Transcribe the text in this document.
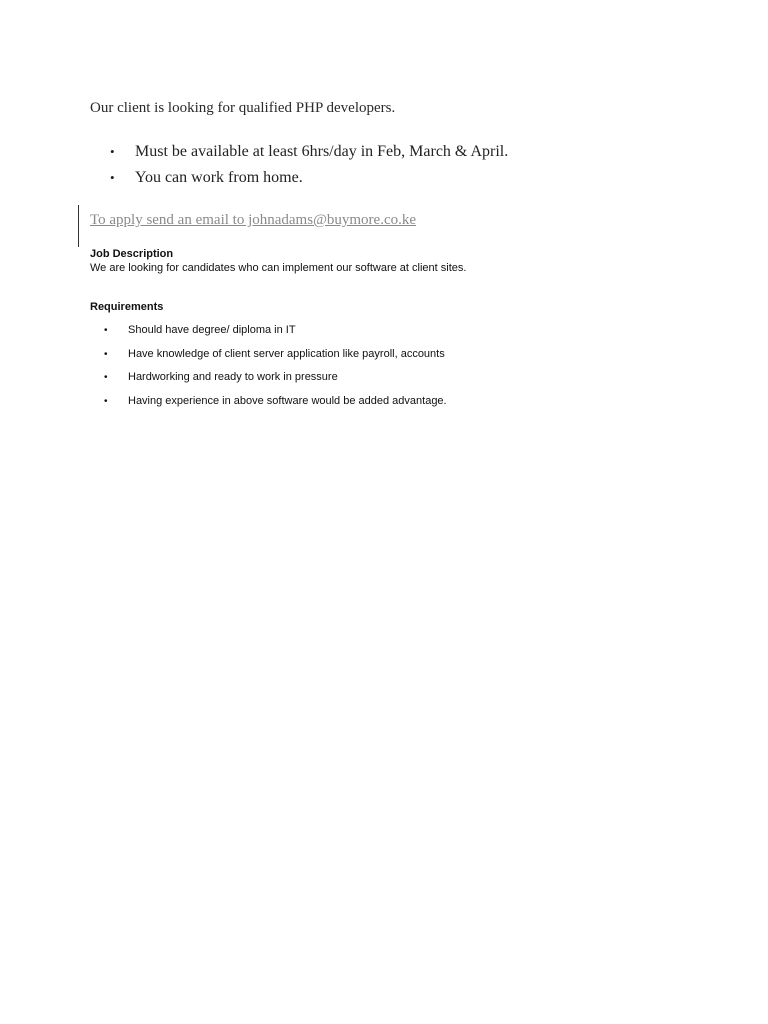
Our client is looking for qualified PHP developers.

•	Must be available at least 6hrs/day in Feb, March & April.
•	You can work from home.

To apply send an email to johnadams@buymore.co.ke

Job Description

We are looking for candidates who can implement our software at client sites.

Requirements

• Should have degree/ diploma in IT
• Have knowledge of client server application like payroll, accounts
• Hardworking and ready to work in pressure
• Having experience in above software would be added advantage.
